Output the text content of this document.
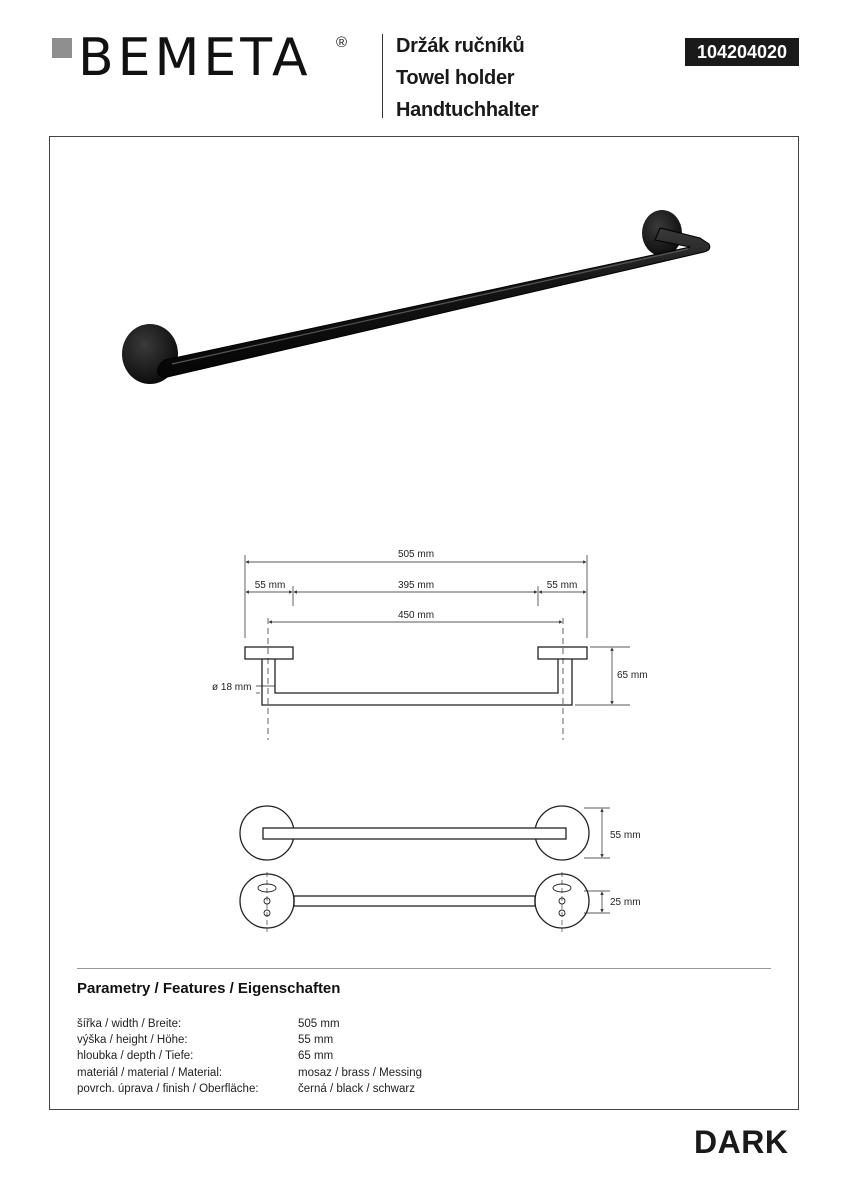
BEMETA ® Držák ručníků
Towel holder
Handtuchhalter
104204020
505 mm
55 mm	395 mm	55 mm
450 mm
65 mm
ø 18 mm
55 mm
25 mm
Parametry / Features / Eigenschaften
šířka / width / Breite:	505 mm
výška / height / Höhe:	55 mm
hloubka / depth / Tiefe:	65 mm
materiál / material / Material:	mosaz / brass / Messing
povrch. úprava / finish / Oberfläche:	černá / black / schwarz
DARK
